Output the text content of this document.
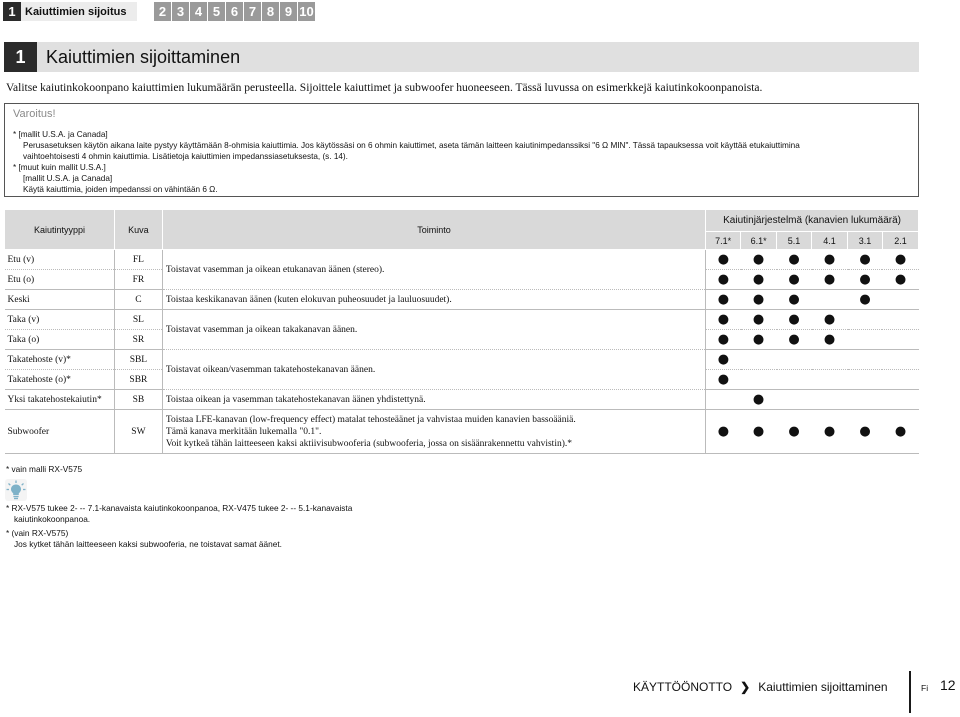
1 Kaiuttimien sijoitus	2 3 4 5 6 7 8 9 10
1	Kaiuttimien sijoittaminen
Valitse kaiutinkokoonpano kaiuttimien lukumäärän perusteella. Sijoittele kaiuttimet ja subwoofer huoneeseen. Tässä luvussa on esimerkkejä kaiutinkokoonpanoista.
Varoitus!

* [mallit U.S.A. ja Canada]

Perusasetuksen käytön aikana laite pystyy käyttämään 8-ohmisia kaiuttimia. Jos käytössäsi on 6 ohmin kaiuttimet, aseta tämän laitteen kaiutinimpedanssiksi "6 Ω MIN". Tässä tapauksessa voit käyttää etukaiuttimina

vaihtoehtoisesti 4 ohmin kaiuttimia. Lisätietoja kaiuttimien impedanssiasetuksesta, (s. 14).

* [muut kuin mallit U.S.A.]

[mallit U.S.A. ja Canada]

Käytä kaiuttimia, joiden impedanssi on vähintään 6 Ω.

Kaiutintyyppi	Kuva	Toiminto	Kaiutinjärjestelmä (kanavien lukumäärä)					
			7.1*	6.1*	5.1	4.1	3.1	2.1
Etu (v)	FL	Toistavat vasemman ja oikean etukanavan äänen (stereo).	●	●	●	●	●	●
Etu (o)	FR		●	●	●	●	●	●
Keski	C	Toistaa keskikanavan äänen (kuten elokuvan puheosuudet ja lauluosuudet).	●	●	●		●	
Taka (v)	SL	Toistavat vasemman ja oikean takakanavan äänen.	●	●	●	●		
Taka (o)	SR		●	●	●	●		
Takatehoste (v)*	SBL	Toistavat oikean/vasemman takatehostekanavan äänen.	●					
Takatehoste (o)*	SBR		●					
Yksi takatehostekaiutin*	SB	Toistaa oikean ja vasemman takatehostekanavan äänen yhdistettynä.		●				
Subwoofer	SW	Toistaa LFE-kanavan (low-frequency effect) matalat tehosteäänet ja vahvistaa muiden kanavien bassoääniä.
Tämä kanava merkitään lukemalla "0.1".
Voit kytkeä tähän laitteeseen kaksi aktiivisubwooferia (subwooferia, jossa on sisäänrakennettu vahvistin).*	●	●	●	●	●	●
* vain malli RX-V575
* RX-V575 tukee 2- -- 7.1-kanavaista kaiutinkokoonpanoa, RX-V475 tukee 2- -- 5.1-kanavaista
kaiutinkokoonpanoa.
* (vain RX-V575)
Jos kytket tähän laitteeseen kaksi subwooferia, ne toistavat samat äänet.
KÄYTTÖÖNOTTO ❯ Kaiuttimien sijoittaminen	Fi 12
